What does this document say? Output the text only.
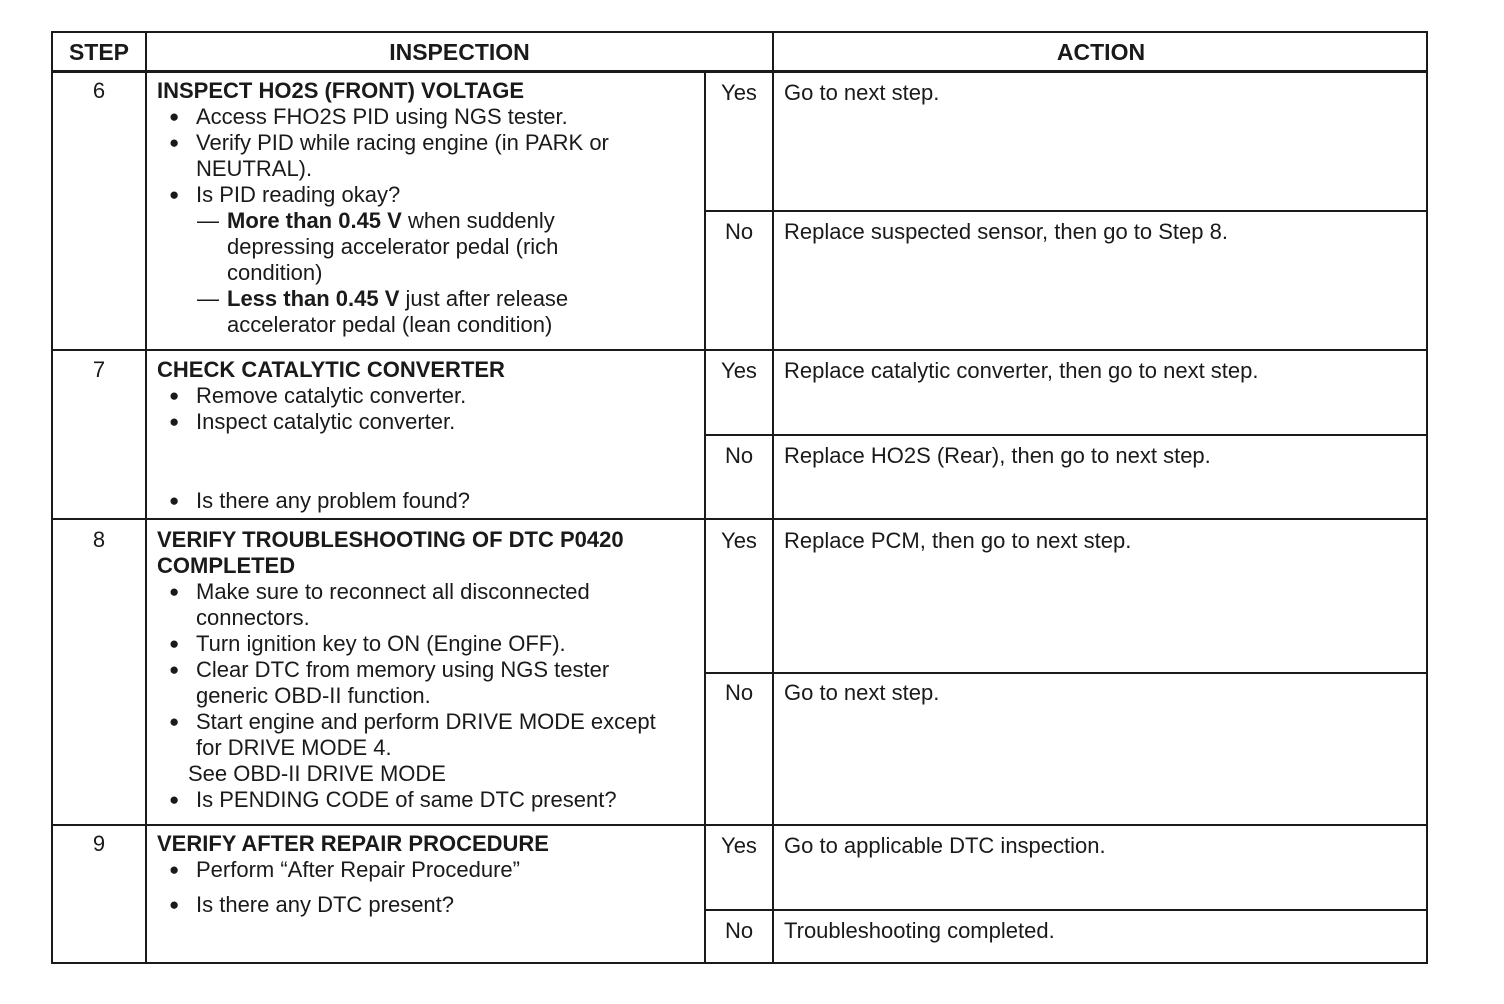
STEP	INSPECTION	ACTION
6	INSPECT HO2S (FRONT) VOLTAGE
● Access FHO2S PID using NGS tester.
● Verify PID while racing engine (in PARK or NEUTRAL).
● Is PID reading okay?
— More than 0.45 V when suddenly depressing accelerator pedal (rich condition)
— Less than 0.45 V just after release accelerator pedal (lean condition)
Yes	Go to next step.
No	Replace suspected sensor, then go to Step 8.
7	CHECK CATALYTIC CONVERTER
● Remove catalytic converter.
● Inspect catalytic converter.
● Is there any problem found?
Yes	Replace catalytic converter, then go to next step.
No	Replace HO2S (Rear), then go to next step.
8	VERIFY TROUBLESHOOTING OF DTC P0420 COMPLETED
● Make sure to reconnect all disconnected connectors.
● Turn ignition key to ON (Engine OFF).
● Clear DTC from memory using NGS tester generic OBD-II function.
● Start engine and perform DRIVE MODE except for DRIVE MODE 4.
See OBD-II DRIVE MODE
● Is PENDING CODE of same DTC present?
Yes	Replace PCM, then go to next step.
No	Go to next step.
9	VERIFY AFTER REPAIR PROCEDURE
● Perform “After Repair Procedure”
● Is there any DTC present?
Yes	Go to applicable DTC inspection.
No	Troubleshooting completed.
